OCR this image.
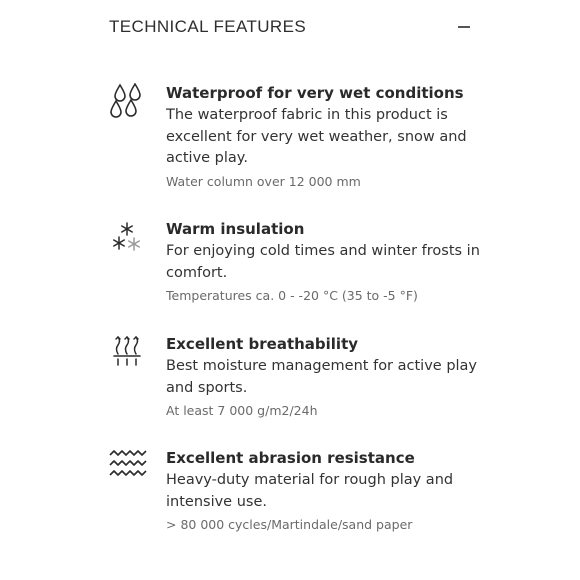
TECHNICAL FEATURES
Waterproof for very wet conditions
The waterproof fabric in this product is excellent for very wet weather, snow and active play.
Water column over 12 000 mm
Warm insulation
For enjoying cold times and winter frosts in comfort.
Temperatures ca. 0 - -20 °C (35 to -5 °F)
Excellent breathability
Best moisture management for active play and sports.
At least 7 000 g/m2/24h
Excellent abrasion resistance
Heavy-duty material for rough play and intensive use.
> 80 000 cycles/Martindale/sand paper
